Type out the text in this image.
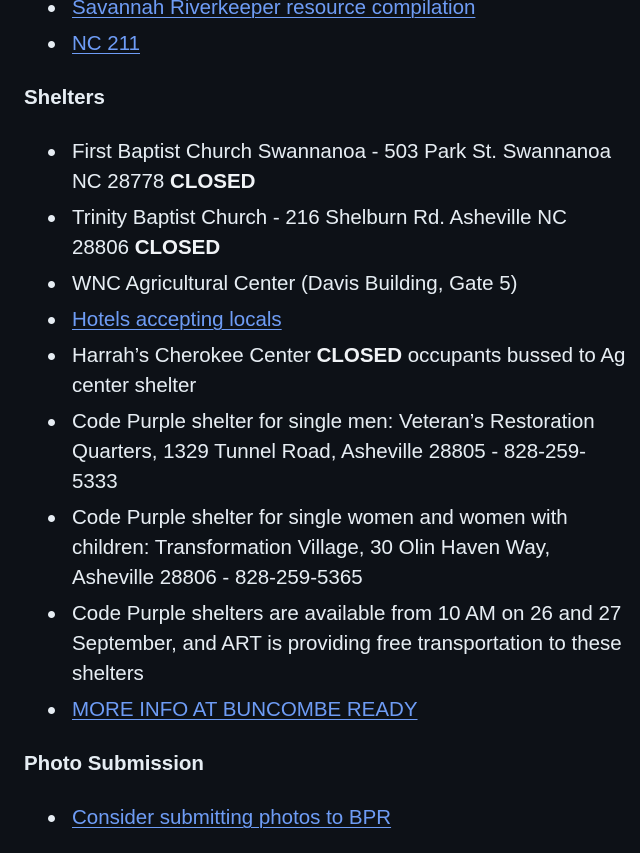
Savannah Riverkeeper resource compilation
NC 211
Shelters
First Baptist Church Swannanoa - 503 Park St. Swannanoa NC 28778 CLOSED
Trinity Baptist Church - 216 Shelburn Rd. Asheville NC 28806 CLOSED
WNC Agricultural Center (Davis Building, Gate 5)
Hotels accepting locals
Harrah’s Cherokee Center CLOSED occupants bussed to Ag center shelter
Code Purple shelter for single men: Veteran’s Restoration Quarters, 1329 Tunnel Road, Asheville 28805 - 828-259-5333
Code Purple shelter for single women and women with children: Transformation Village, 30 Olin Haven Way, Asheville 28806 - 828-259-5365
Code Purple shelters are available from 10 AM on 26 and 27 September, and ART is providing free transportation to these shelters
MORE INFO AT BUNCOMBE READY
Photo Submission
Consider submitting photos to BPR
